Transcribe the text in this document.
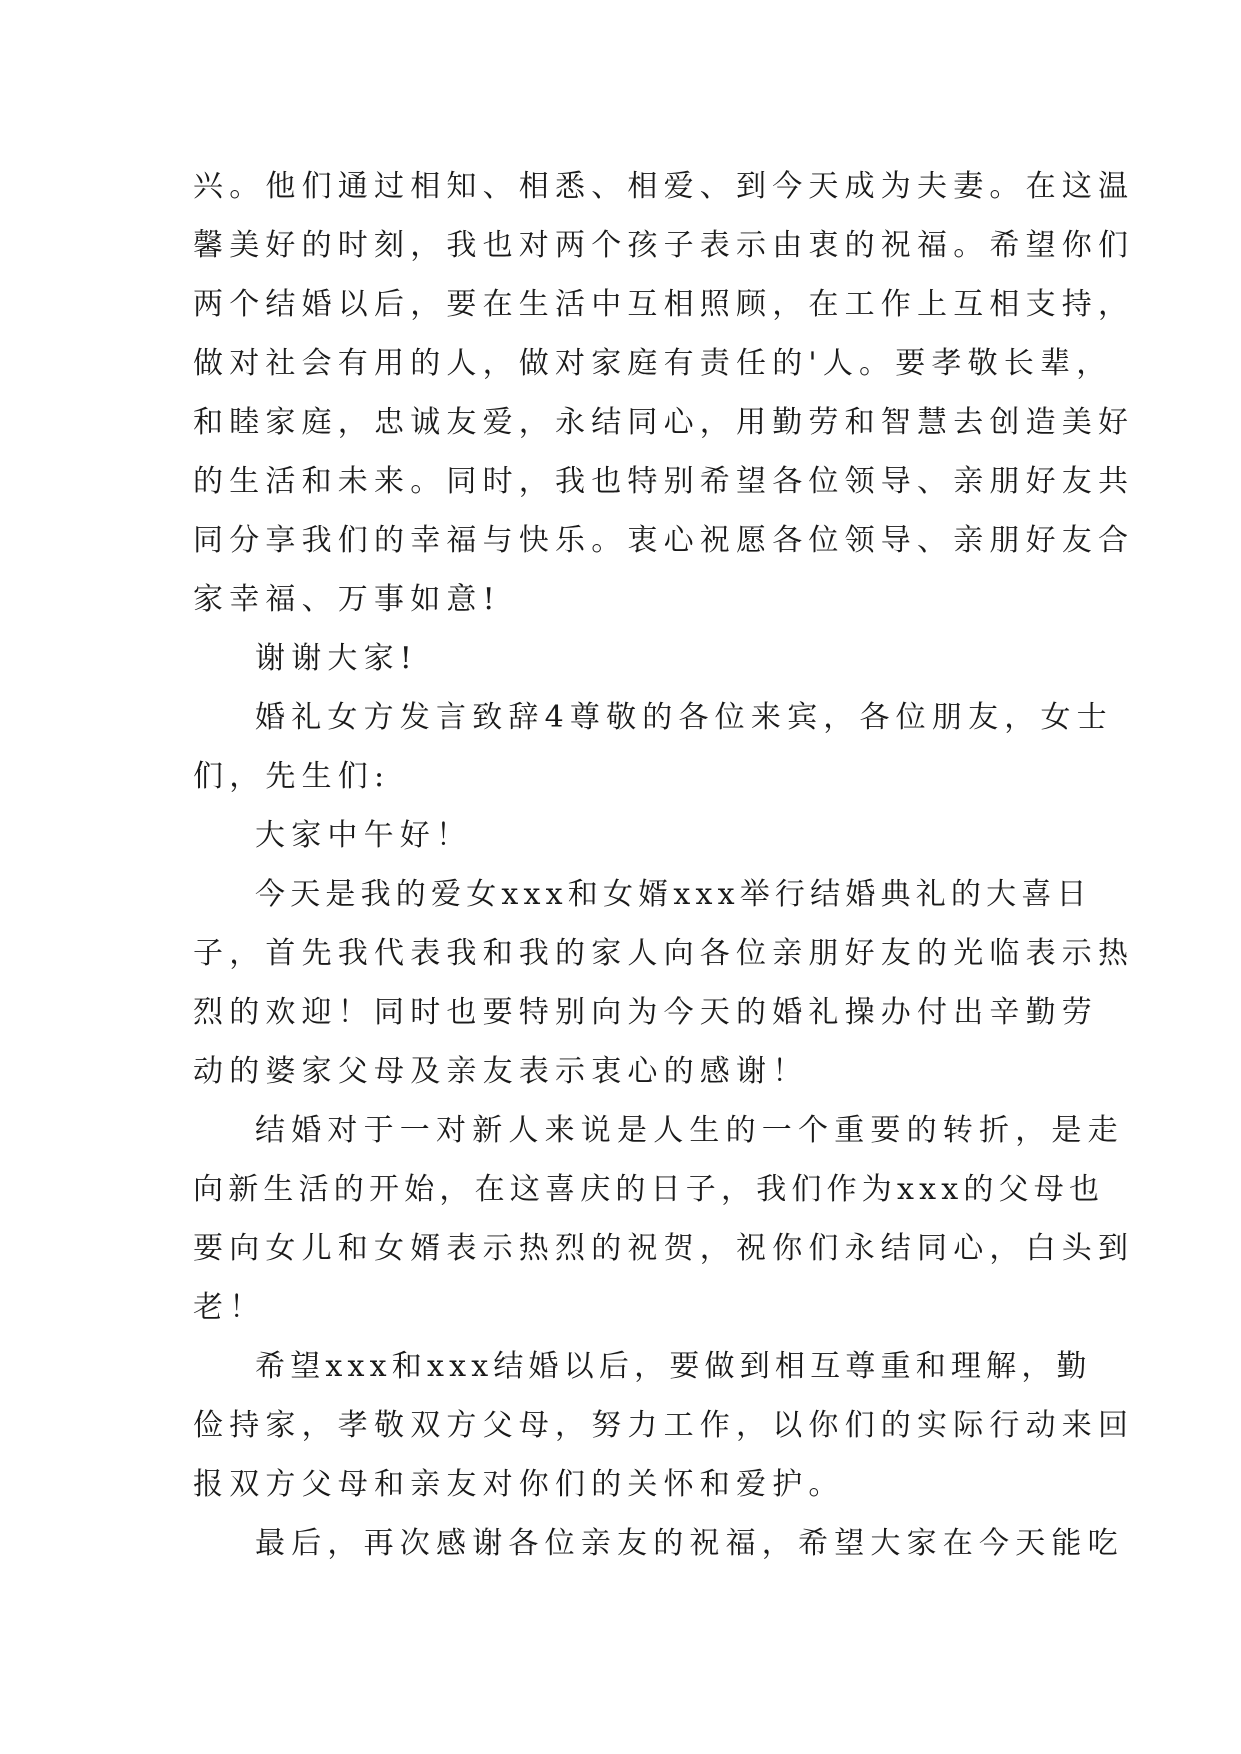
兴。他们通过相知、相悉、相爱、到今天成为夫妻。在这温
馨美好的时刻，我也对两个孩子表示由衷的祝福。希望你们
两个结婚以后，要在生活中互相照顾，在工作上互相支持，
做对社会有用的人，做对家庭有责任的'人。要孝敬长辈，
和睦家庭，忠诚友爱，永结同心，用勤劳和智慧去创造美好
的生活和未来。同时，我也特别希望各位领导、亲朋好友共
同分享我们的幸福与快乐。衷心祝愿各位领导、亲朋好友合
家幸福、万事如意!
谢谢大家!
婚礼女方发言致辞4尊敬的各位来宾，各位朋友，女士
们，先生们:
大家中午好！
今天是我的爱女xxx和女婿xxx举行结婚典礼的大喜日
子，首先我代表我和我的家人向各位亲朋好友的光临表示热
烈的欢迎！同时也要特别向为今天的婚礼操办付出辛勤劳
动的婆家父母及亲友表示衷心的感谢！
结婚对于一对新人来说是人生的一个重要的转折，是走
向新生活的开始，在这喜庆的日子，我们作为xxx的父母也
要向女儿和女婿表示热烈的祝贺，祝你们永结同心，白头到
老！
希望xxx和xxx结婚以后，要做到相互尊重和理解，勤
俭持家，孝敬双方父母，努力工作，以你们的实际行动来回
报双方父母和亲友对你们的关怀和爱护。
最后，再次感谢各位亲友的祝福，希望大家在今天能吃
